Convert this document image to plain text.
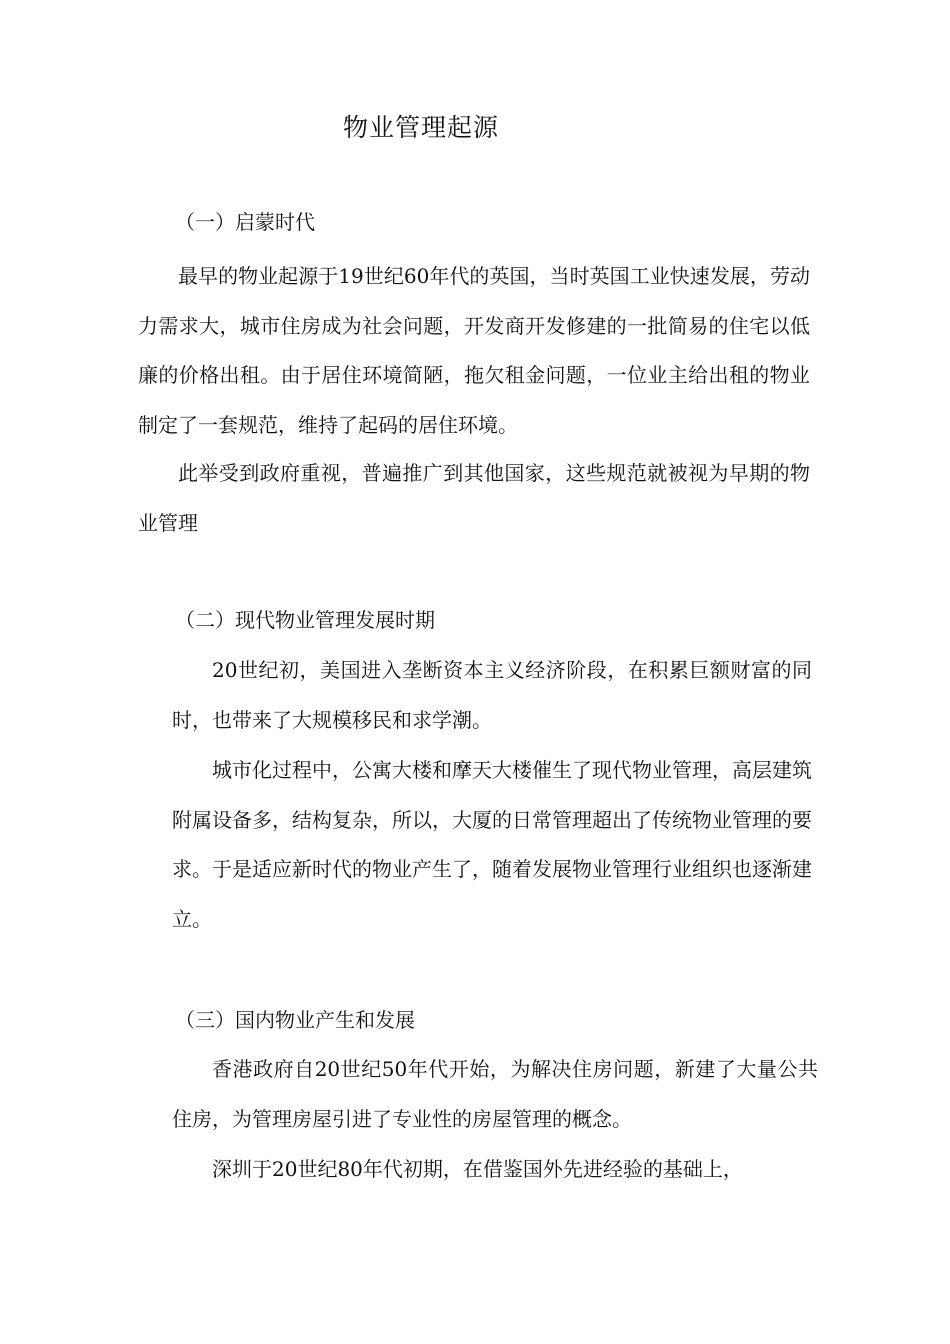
物业管理起源
（一）启蒙时代

最早的物业起源于19世纪60年代的英国，当时英国工业快速发展，劳动力需求大，城市住房成为社会问题，开发商开发修建的一批简易的住宅以低廉的价格出租。由于居住环境简陋，拖欠租金问题，一位业主给出租的物业制定了一套规范，维持了起码的居住环境。

此举受到政府重视，普遍推广到其他国家，这些规范就被视为早期的物业管理

（二）现代物业管理发展时期

20世纪初，美国进入垄断资本主义经济阶段，在积累巨额财富的同时，也带来了大规模移民和求学潮。

城市化过程中，公寓大楼和摩天大楼催生了现代物业管理，高层建筑附属设备多，结构复杂，所以，大厦的日常管理超出了传统物业管理的要求。于是适应新时代的物业产生了，随着发展物业管理行业组织也逐渐建立。

（三）国内物业产生和发展

香港政府自20世纪50年代开始，为解决住房问题，新建了大量公共住房，为管理房屋引进了专业性的房屋管理的概念。

深圳于20世纪80年代初期，在借鉴国外先进经验的基础上，
